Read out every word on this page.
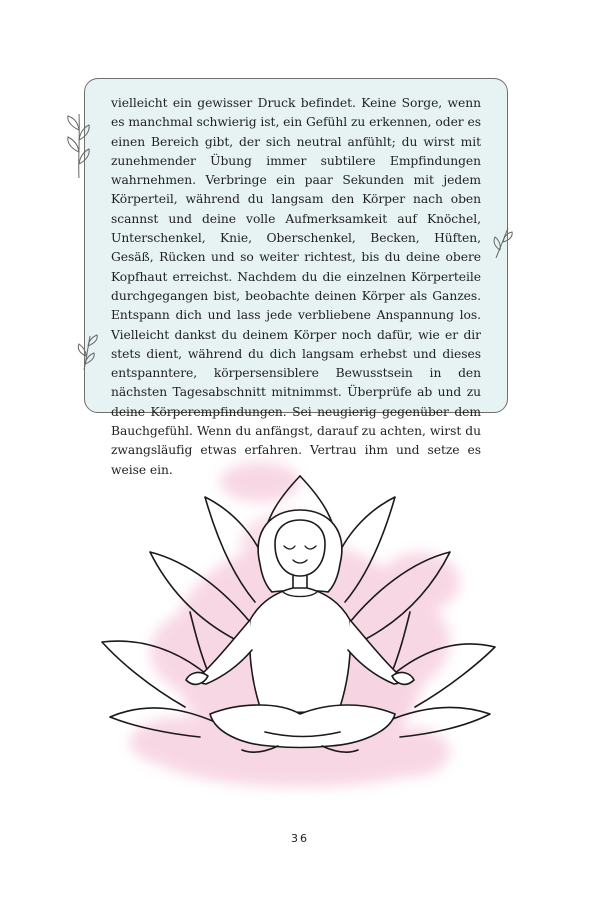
vielleicht ein gewisser Druck befindet. Keine Sorge, wenn es manchmal schwierig ist, ein Gefühl zu erkennen, oder es einen Bereich gibt, der sich neutral anfühlt; du wirst mit zunehmender Übung immer subtilere Empfindungen wahrnehmen. Verbringe ein paar Sekunden mit jedem Körperteil, während du langsam den Körper nach oben scannst und deine volle Aufmerksamkeit auf Knöchel, Unterschenkel, Knie, Oberschenkel, Becken, Hüften, Gesäß, Rücken und so weiter richtest, bis du deine obere Kopfhaut erreichst. Nachdem du die einzelnen Körperteile durchgegangen bist, beobachte deinen Körper als Ganzes. Entspann dich und lass jede verbliebene Anspannung los. Vielleicht dankst du deinem Körper noch dafür, wie er dir stets dient, während du dich langsam erhebst und dieses entspanntere, körpersensiblere Bewusstsein in den nächsten Tagesabschnitt mitnimmst. Überprüfe ab und zu deine Körperempfindungen. Sei neugierig gegenüber dem Bauchgefühl. Wenn du anfängst, darauf zu achten, wirst du zwangsläufig etwas erfahren. Vertrau ihm und setze es weise ein.

36
